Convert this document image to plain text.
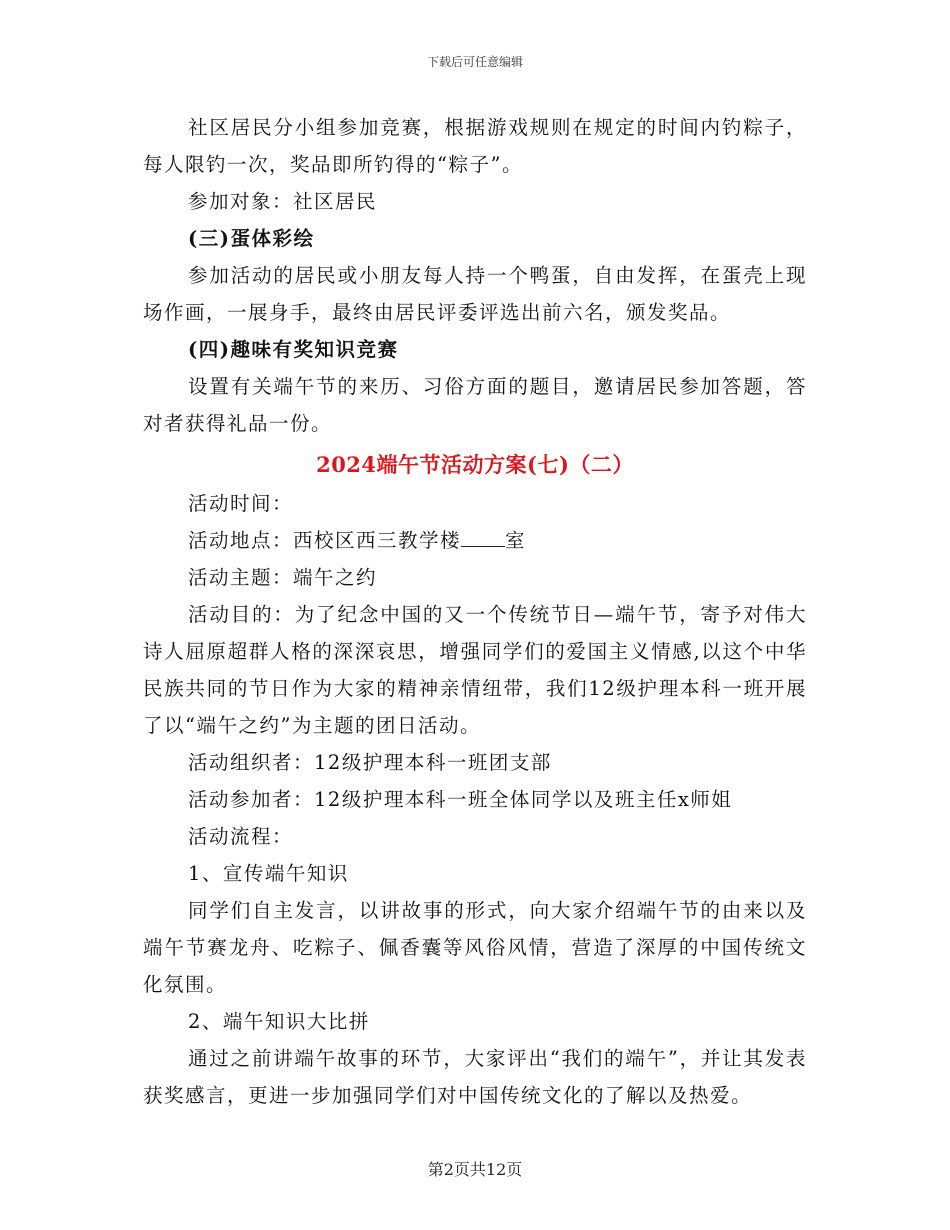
下载后可任意编辑

社区居民分小组参加竞赛，根据游戏规则在规定的时间内钓粽子，每人限钓一次，奖品即所钓得的“粽子”。

参加对象：社区居民

(三)蛋体彩绘

参加活动的居民或小朋友每人持一个鸭蛋，自由发挥，在蛋壳上现场作画，一展身手，最终由居民评委评选出前六名，颁发奖品。

(四)趣味有奖知识竞赛

设置有关端午节的来历、习俗方面的题目，邀请居民参加答题，答对者获得礼品一份。

2024端午节活动方案(七)（二）

活动时间：

活动地点：西校区西三教学楼 室

活动主题：端午之约

活动目的：为了纪念中国的又一个传统节日—端午节，寄予对伟大诗人屈原超群人格的深深哀思，增强同学们的爱国主义情感,以这个中华民族共同的节日作为大家的精神亲情纽带，我们12级护理本科一班开展了以“端午之约”为主题的团日活动。

活动组织者：12级护理本科一班团支部

活动参加者：12级护理本科一班全体同学以及班主任x师姐

活动流程：

1、宣传端午知识

同学们自主发言，以讲故事的形式，向大家介绍端午节的由来以及端午节赛龙舟、吃粽子、佩香囊等风俗风情，营造了深厚的中国传统文化氛围。

2、端午知识大比拼

通过之前讲端午故事的环节，大家评出“我们的端午”，并让其发表获奖感言，更进一步加强同学们对中国传统文化的了解以及热爱。

第2页共12页
